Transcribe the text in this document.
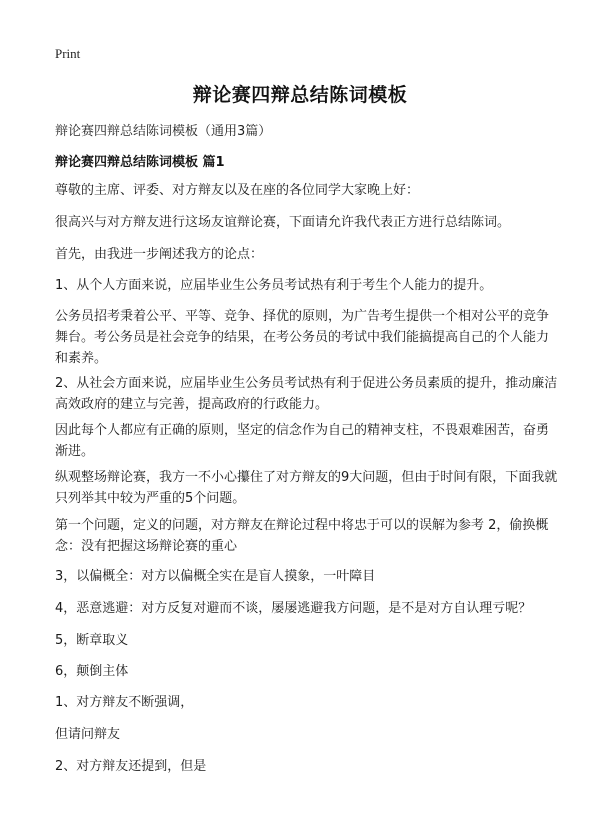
Print
辩论赛四辩总结陈词模板
辩论赛四辩总结陈词模板（通用3篇）
辩论赛四辩总结陈词模板 篇1

尊敬的主席、评委、对方辩友以及在座的各位同学大家晚上好：

很高兴与对方辩友进行这场友谊辩论赛，下面请允许我代表正方进行总结陈词。

首先，由我进一步阐述我方的论点：

1、从个人方面来说，应届毕业生公务员考试热有利于考生个人能力的提升。

公务员招考秉着公平、平等、竞争、择优的原则，为广告考生提供一个相对公平的竞争舞台。考公务员是社会竞争的结果，在考公务员的考试中我们能搞提高自己的个人能力和素养。

2、从社会方面来说，应届毕业生公务员考试热有利于促进公务员素质的提升，推动廉洁高效政府的建立与完善，提高政府的行政能力。

因此每个人都应有正确的原则，坚定的信念作为自己的精神支柱，不畏艰难困苦，奋勇渐进。

纵观整场辩论赛，我方一不小心攥住了对方辩友的9大问题，但由于时间有限，下面我就只列举其中较为严重的5个问题。

第一个问题，定义的问题，对方辩友在辩论过程中将忠于可以的误解为参考 2，偷换概念：没有把握这场辩论赛的重心

3，以偏概全：对方以偏概全实在是盲人摸象，一叶障目

4，恶意逃避：对方反复对避而不谈，屡屡逃避我方问题，是不是对方自认理亏呢？

5，断章取义

6，颠倒主体

1、对方辩友不断强调，

但请问辩友

2、对方辩友还提到，但是
